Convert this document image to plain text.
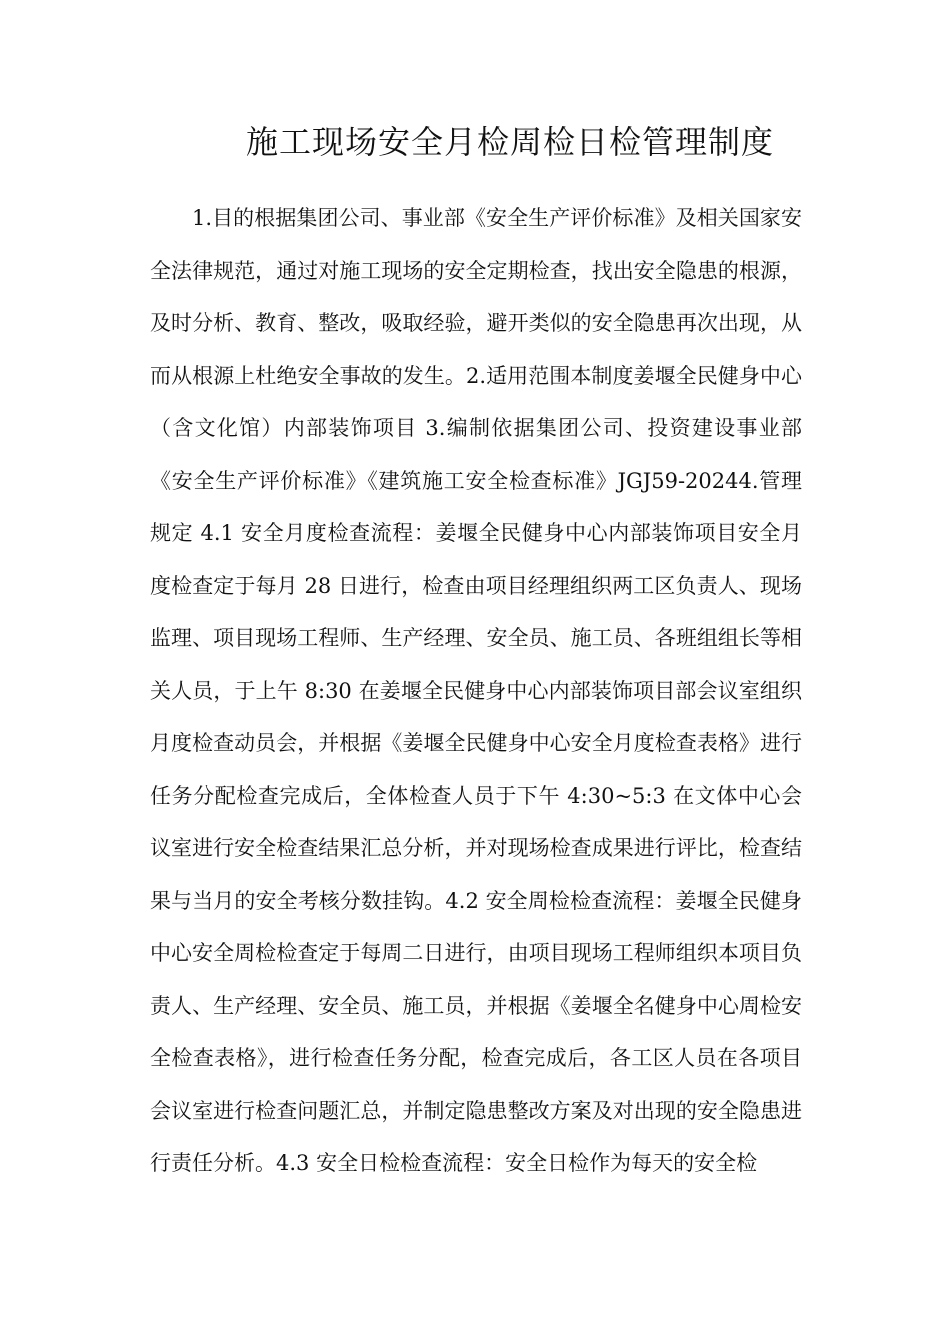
施工现场安全月检周检日检管理制度

1.目的根据集团公司、事业部《安全生产评价标准》及相关国家安全法律规范，通过对施工现场的安全定期检查，找出安全隐患的根源，及时分析、教育、整改，吸取经验，避开类似的安全隐患再次出现，从而从根源上杜绝安全事故的发生。2.适用范围本制度姜堰全民健身中心（含文化馆）内部装饰项目 3.编制依据集团公司、投资建设事业部《安全生产评价标准》《建筑施工安全检查标准》JGJ59-20244.管理规定 4.1 安全月度检查流程：姜堰全民健身中心内部装饰项目安全月度检查定于每月 28 日进行，检查由项目经理组织两工区负责人、现场监理、项目现场工程师、生产经理、安全员、施工员、各班组组长等相关人员，于上午 8:30 在姜堰全民健身中心内部装饰项目部会议室组织月度检查动员会，并根据《姜堰全民健身中心安全月度检查表格》进行任务分配检查完成后，全体检查人员于下午 4:30~5:3 在文体中心会议室进行安全检查结果汇总分析，并对现场检查成果进行评比，检查结果与当月的安全考核分数挂钩。4.2 安全周检检查流程：姜堰全民健身中心安全周检检查定于每周二日进行，由项目现场工程师组织本项目负责人、生产经理、安全员、施工员，并根据《姜堰全名健身中心周检安全检查表格》，进行检查任务分配，检查完成后，各工区人员在各项目会议室进行检查问题汇总，并制定隐患整改方案及对出现的安全隐患进行责任分析。4.3 安全日检检查流程：安全日检作为每天的安全检
